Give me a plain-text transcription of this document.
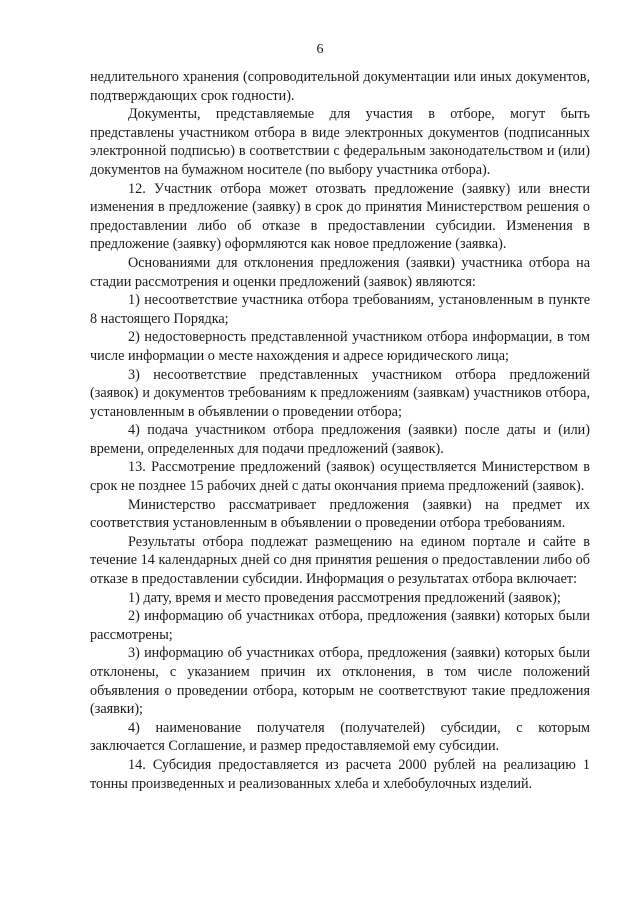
6

недлительного хранения (сопроводительной документации или иных документов, подтверждающих срок годности).

Документы, представляемые для участия в отборе, могут быть представлены участником отбора в виде электронных документов (подписанных электронной подписью) в соответствии с федеральным законодательством и (или) документов на бумажном носителе (по выбору участника отбора).

12. Участник отбора может отозвать предложение (заявку) или внести изменения в предложение (заявку) в срок до принятия Министерством решения о предоставлении либо об отказе в предоставлении субсидии. Изменения в предложение (заявку) оформляются как новое предложение (заявка).

Основаниями для отклонения предложения (заявки) участника отбора на стадии рассмотрения и оценки предложений (заявок) являются:

1) несоответствие участника отбора требованиям, установленным в пункте 8 настоящего Порядка;

2) недостоверность представленной участником отбора информации, в том числе информации о месте нахождения и адресе юридического лица;

3) несоответствие представленных участником отбора предложений (заявок) и документов требованиям к предложениям (заявкам) участников отбора, установленным в объявлении о проведении отбора;

4) подача участником отбора предложения (заявки) после даты и (или) времени, определенных для подачи предложений (заявок).

13. Рассмотрение предложений (заявок) осуществляется Министерством в срок не позднее 15 рабочих дней с даты окончания приема предложений (заявок).

Министерство рассматривает предложения (заявки) на предмет их соответствия установленным в объявлении о проведении отбора требованиям.

Результаты отбора подлежат размещению на едином портале и сайте в течение 14 календарных дней со дня принятия решения о предоставлении либо об отказе в предоставлении субсидии. Информация о результатах отбора включает:

1) дату, время и место проведения рассмотрения предложений (заявок);

2) информацию об участниках отбора, предложения (заявки) которых были рассмотрены;

3) информацию об участниках отбора, предложения (заявки) которых были отклонены, с указанием причин их отклонения, в том числе положений объявления о проведении отбора, которым не соответствуют такие предложения (заявки);

4) наименование получателя (получателей) субсидии, с которым заключается Соглашение, и размер предоставляемой ему субсидии.

14. Субсидия предоставляется из расчета 2000 рублей на реализацию 1 тонны произведенных и реализованных хлеба и хлебобулочных изделий.
